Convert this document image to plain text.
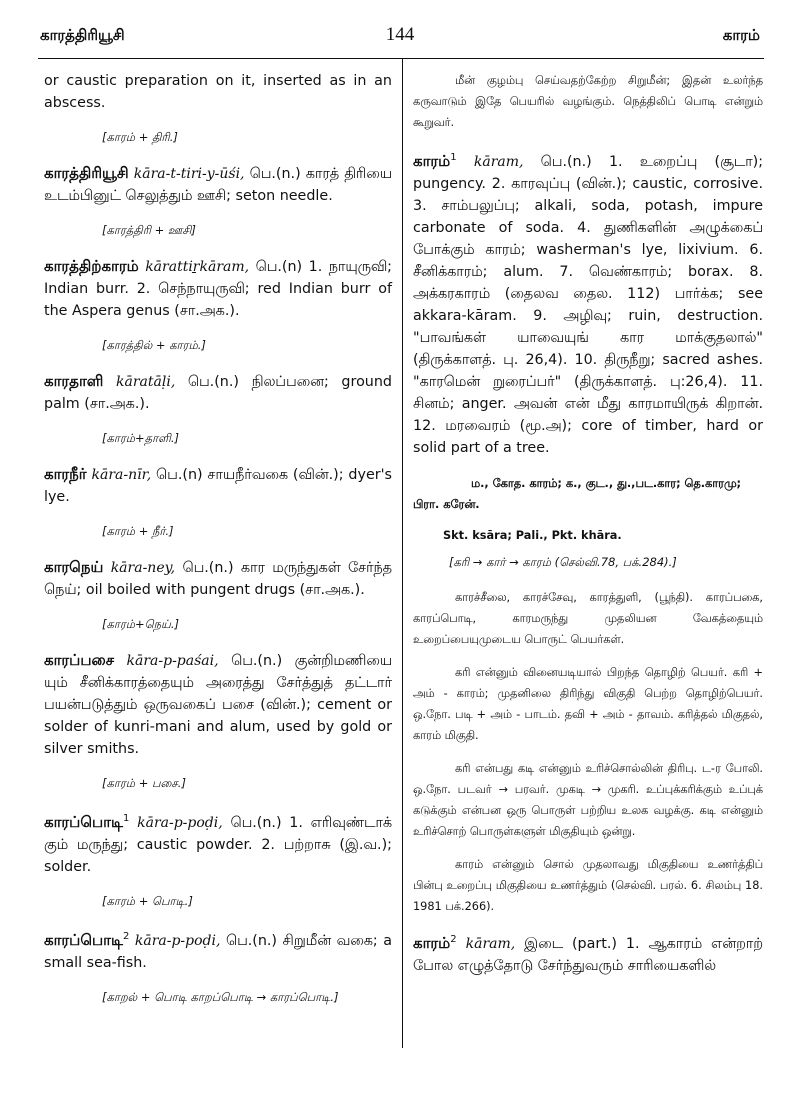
காரத்திரியூசி	144	காரம்

or caustic preparation on it, inserted as in an abscess.

[காரம் + திரி.]

காரத்திரியூசி kāra-t-tiri-y-ūśi, பெ.(n.) காரத் திரியை உடம்பினுட் செலுத்தும் ஊசி; seton needle.

[காரத்திரி + ஊசி]

காரத்திற்காரம் kārattiṟkāram, பெ.(n) 1. நாயுருவி; Indian burr. 2. செந்நாயுருவி; red Indian burr of the Aspera genus (சா.அக.).

[காரத்தில் + காரம்.]

காரதாளி kāratāḷi, பெ.(n.) நிலப்பனை; ground palm (சா.அக.).

[காரம்+தாளி.]

காரநீர் kāra-nīr, பெ.(n) சாயநீர்வகை (வின்.); dyer's lye.

[காரம் + நீர்.]

காரநெய் kāra-ney, பெ.(n.) கார மருந்துகள் சேர்ந்த நெய்; oil boiled with pungent drugs (சா.அக.).

[காரம்+நெய்.]

காரப்பசை kāra-p-paśai, பெ.(n.) குன்றிமணியை யும் சீனிக்காரத்தையும் அரைத்து சேர்த்துத் தட்டார் பயன்படுத்தும் ஒருவகைப் பசை (வின்.); cement or solder of kunri-mani and alum, used by gold or silver smiths.

[காரம் + பசை.]

காரப்பொடி$^1$ kāra-p-poḍi, பெ.(n.) 1. எரிவுண்டாக் கும் மருந்து; caustic powder. 2. பற்றாசு (இ.வ.); solder.

[காரம் + பொடி.]

காரப்பொடி$^2$ kāra-p-poḍi, பெ.(n.) சிறுமீன் வகை; a small sea-fish.

[காறல் + பொடி காறப்பொடி → காரப்பொடி.]

மீன் குழம்பு செய்வதற்கேற்ற சிறுமீன்; இதன் உலர்ந்த கருவாடும் இதே பெயரில் வழங்கும். நெத்திலிப் பொடி என்றும் கூறுவர்.

காரம்$^1$ kāram, பெ.(n.) 1. உறைப்பு (சூடா); pungency. 2. காரவுப்பு (வின்.); caustic, corrosive. 3. சாம்பலுப்பு; alkali, soda, potash, impure carbonate of soda. 4. துணிகளின் அழுக்கைப் போக்கும் காரம்; washerman's lye, lixivium. 6. சீனிக்காரம்; alum. 7. வெண்காரம்; borax. 8. அக்கரகாரம் (தைலவ தைல. 112) பார்க்க; see akkara-kāram. 9. அழிவு; ruin, destruction. "பாவங்கள் யாவையுங் கார மாக்குதலால்" (திருக்காளத். பு. 26,4). 10. திருநீறு; sacred ashes. "காரமென் றுரைப்பர்" (திருக்காளத். பு:26,4). 11. சினம்; anger. அவன் என் மீது காரமாயிருக் கிறான். 12. மரவைரம் (மூ.அ); core of timber, hard or solid part of a tree.

ம., கோத. காரம்; க., குட., து.,பட.கார; தெ.காரமு; பிரா. கரேன்.

Skt. ksāra; Pali., Pkt. khāra.

[கரி → கார் → காரம் (செல்வி.78, பக்.284).]

காரச்சீலை, காரச்சேவு, காரத்துளி, (பூந்தி). காரப்பகை, காரப்பொடி, காரமருந்து முதலியன வேகத்தையும் உறைப்பையுமுடைய பொருட் பெயர்கள்.

கரி என்னும் வினையடியால் பிறந்த தொழிற் பெயர். கரி + அம் - காரம்; முதனிலை திரிந்து விகுதி பெற்ற தொழிற்பெயர். ஒ.நோ. படி + அம் - பாடம். தவி + அம் - தாவம். கரித்தல் மிகுதல், காரம் மிகுதி.

கரி என்பது கடி என்னும் உரிச்சொல்லின் திரிபு. ட-ர போலி. ஒ.நோ. படவர் → பரவர். முகடி → முகரி. உப்புக்கரிக்கும் உப்புக் கடுக்கும் என்பன ஒரு பொருள் பற்றிய உலக வழக்கு. கடி என்னும் உரிச்சொற் பொருள்களுள் மிகுதியும் ஒன்று.

காரம் என்னும் சொல் முதலாவது மிகுதியை உணர்த்திப் பின்பு உறைப்பு மிகுதியை உணர்த்தும் (செல்வி. பரல். 6. சிலம்பு 18. 1981 பக்.266).

காரம்$^2$ kāram, இடை (part.) 1. ஆகாரம் என்றாற் போல எழுத்தோடு சேர்ந்துவரும் சாரியைகளில்
